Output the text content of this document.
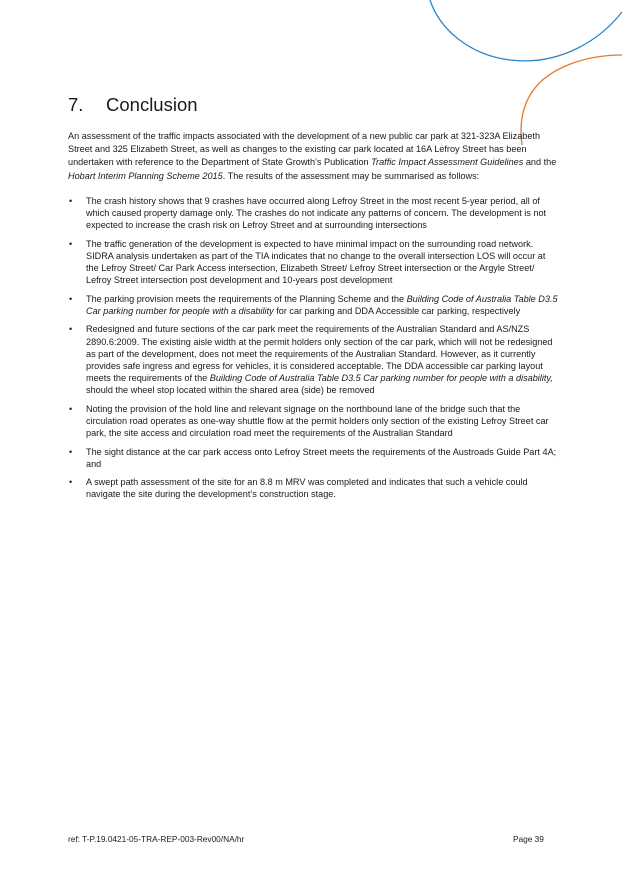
7. Conclusion

An assessment of the traffic impacts associated with the development of a new public car park at 321-323A Elizabeth Street and 325 Elizabeth Street, as well as changes to the existing car park located at 16A Lefroy Street has been undertaken with reference to the Department of State Growth’s Publication Traffic Impact Assessment Guidelines and the Hobart Interim Planning Scheme 2015. The results of the assessment may be summarised as follows:

• The crash history shows that 9 crashes have occurred along Lefroy Street in the most recent 5-year period, all of which caused property damage only. The crashes do not indicate any patterns of concern. The development is not expected to increase the crash risk on Lefroy Street and at surrounding intersections
• The traffic generation of the development is expected to have minimal impact on the surrounding road network. SIDRA analysis undertaken as part of the TIA indicates that no change to the overall intersection LOS will occur at the Lefroy Street/ Car Park Access intersection, Elizabeth Street/ Lefroy Street intersection or the Argyle Street/ Lefroy Street intersection post development and 10-years post development
• The parking provision meets the requirements of the Planning Scheme and the Building Code of Australia Table D3.5 Car parking number for people with a disability for car parking and DDA Accessible car parking, respectively
• Redesigned and future sections of the car park meet the requirements of the Australian Standard and AS/NZS 2890.6:2009. The existing aisle width at the permit holders only section of the car park, which will not be redesigned as part of the development, does not meet the requirements of the Australian Standard. However, as it currently provides safe ingress and egress for vehicles, it is considered acceptable. The DDA accessible car parking layout meets the requirements of the Building Code of Australia Table D3.5 Car parking number for people with a disability, should the wheel stop located within the shared area (side) be removed
• Noting the provision of the hold line and relevant signage on the northbound lane of the bridge such that the circulation road operates as one-way shuttle flow at the permit holders only section of the existing Lefroy Street car park, the site access and circulation road meet the requirements of the Australian Standard
• The sight distance at the car park access onto Lefroy Street meets the requirements of the Austroads Guide Part 4A; and
• A swept path assessment of the site for an 8.8 m MRV was completed and indicates that such a vehicle could navigate the site during the development’s construction stage.
ref: T-P.19.0421-05-TRA-REP-003-Rev00/NA/hr	Page 39
